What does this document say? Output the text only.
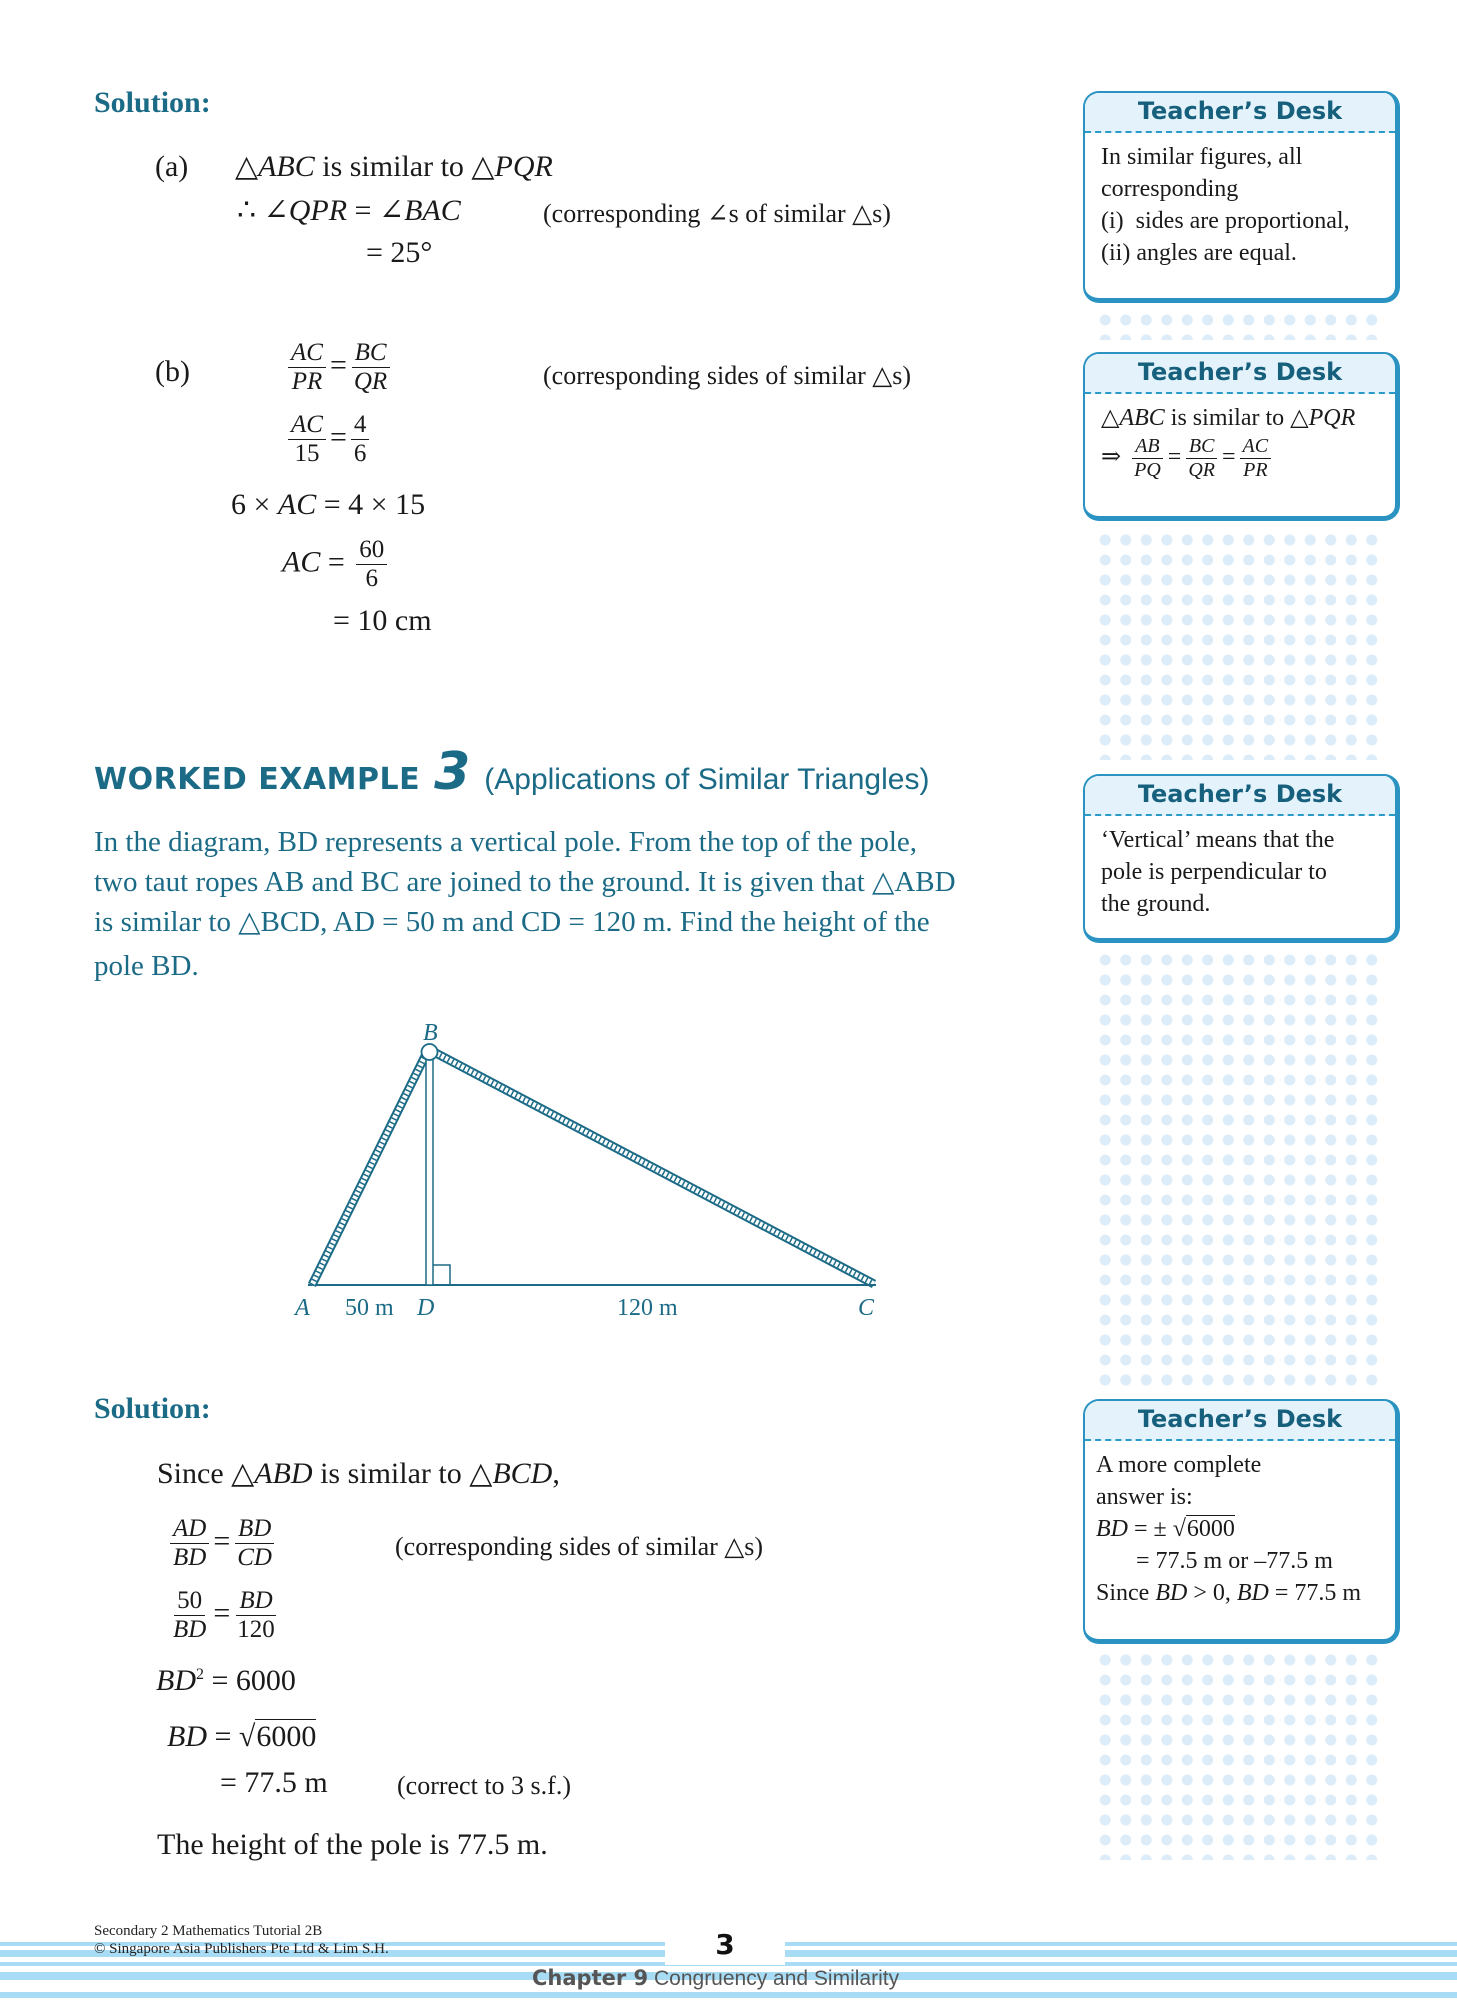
Solution:
(a) △ABC is similar to △PQR
∴ ∠QPR = ∠BAC	(corresponding ∠s of similar △s)
= 25°
(b)	$\frac{AC}{PR} = \frac{BC}{QR}$	(corresponding sides of similar △s)
$\frac{AC}{15} = \frac{4}{6}$
6 × AC = 4 × 15
AC = $\frac{60}{6}$
= 10 cm
WORKED EXAMPLE 3 (Applications of Similar Triangles)
In the diagram, BD represents a vertical pole. From the top of the pole,
two taut ropes AB and BC are joined to the ground. It is given that △ABD
is similar to △BCD, AD = 50 m and CD = 120 m. Find the height of the
pole BD.
B
A	D	C
50 m	120 m
Solution:
Since △ABD is similar to △BCD,
$\frac{AD}{BD} = \frac{BD}{CD}$	(corresponding sides of similar △s)
$\frac{50}{BD} = \frac{BD}{120}$
$BD^2 = 6000$
BD = √6000
= 77.5 m	(correct to 3 s.f.)
The height of the pole is 77.5 m.
Teacher’s Desk
In similar figures, all
corresponding
(i)  sides are proportional,
(ii) angles are equal.
Teacher’s Desk
△ABC is similar to △PQR
⇒ $\frac{AB}{PQ} = \frac{BC}{QR} = \frac{AC}{PR}$
Teacher’s Desk
‘Vertical’ means that the
pole is perpendicular to
the ground.
Teacher’s Desk
A more complete
answer is:
BD = ± √6000
= 77.5 m or –77.5 m
Since BD > 0, BD = 77.5 m
Secondary 2 Mathematics Tutorial 2B
© Singapore Asia Publishers Pte Ltd & Lim S.H.	3
Chapter 9 Congruency and Similarity
